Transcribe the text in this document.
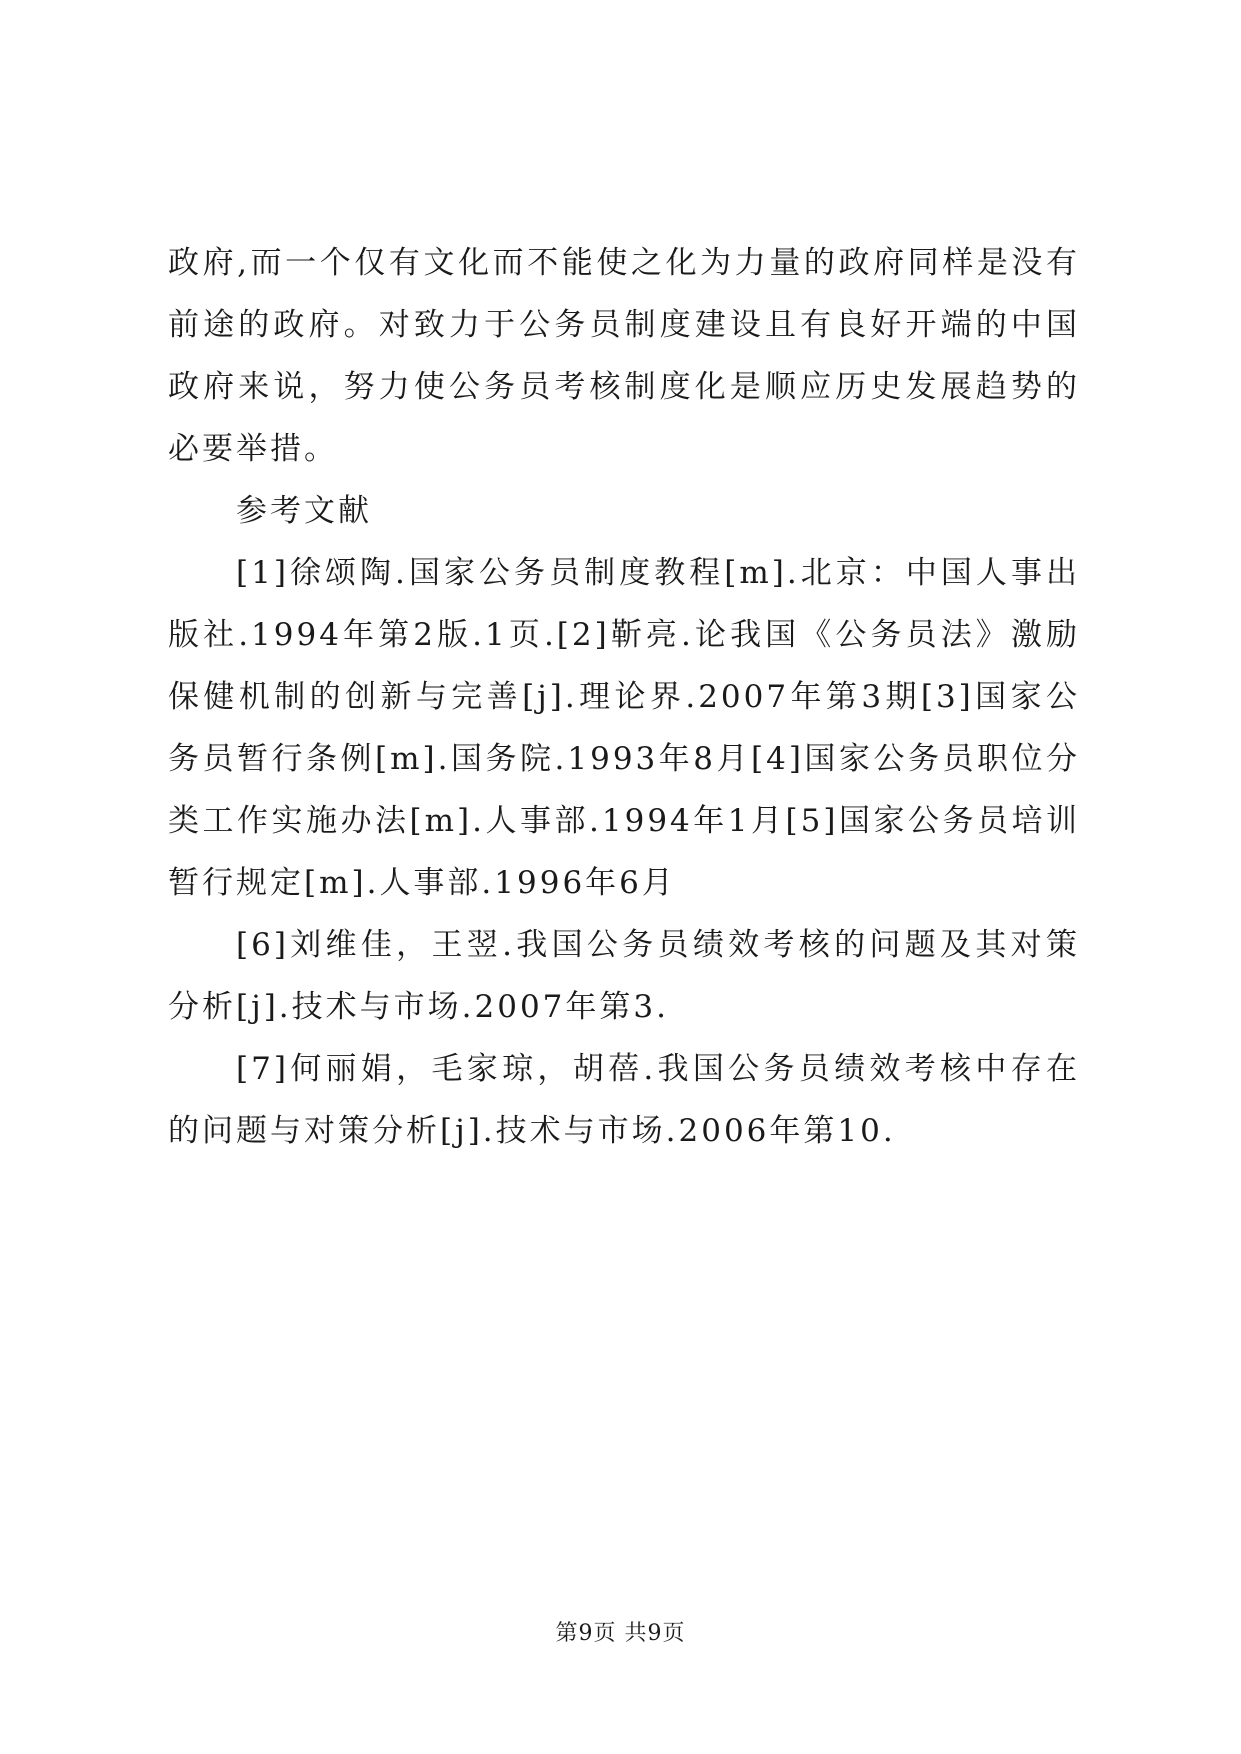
政府,而一个仅有文化而不能使之化为力量的政府同样是没有前途的政府。对致力于公务员制度建设且有良好开端的中国政府来说，努力使公务员考核制度化是顺应历史发展趋势的必要举措。

参考文献

[1]徐颂陶.国家公务员制度教程[m].北京：中国人事出版社.1994年第2版.1页.[2]靳亮.论我国《公务员法》激励保健机制的创新与完善[j].理论界.2007年第3期[3]国家公务员暂行条例[m].国务院.1993年8月[4]国家公务员职位分类工作实施办法[m].人事部.1994年1月[5]国家公务员培训暂行规定[m].人事部.1996年6月

[6]刘维佳，王翌.我国公务员绩效考核的问题及其对策分析[j].技术与市场.2007年第3.

[7]何丽娟，毛家琼，胡蓓.我国公务员绩效考核中存在的问题与对策分析[j].技术与市场.2006年第10.

第9页 共9页
